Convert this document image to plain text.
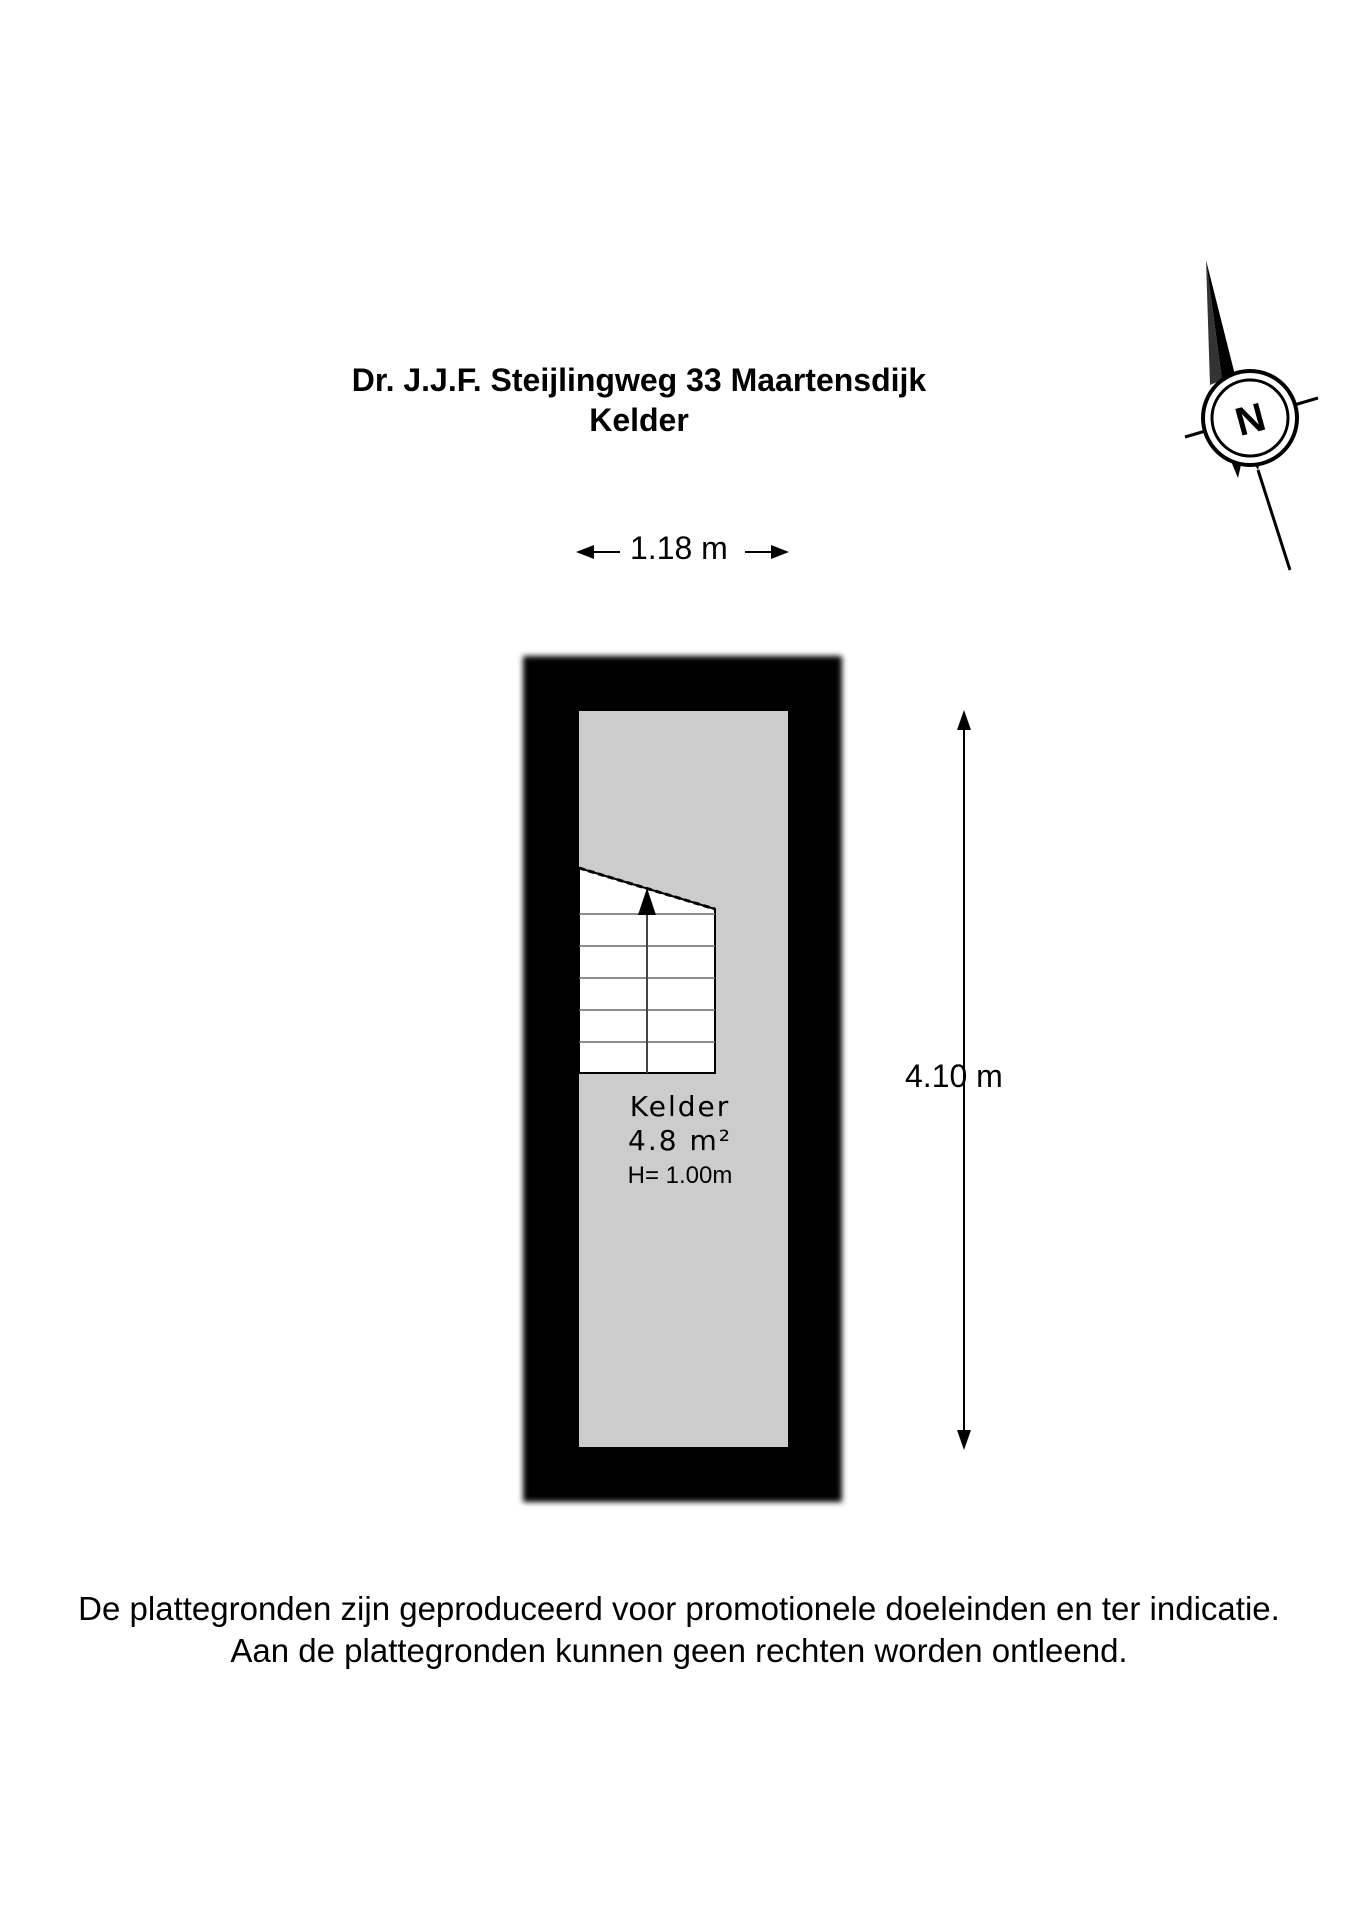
N
Dr. J.J.F. Steijlingweg 33 Maartensdijk
Kelder
1.18 m
4.10 m
Kelder
4.8 m²
H= 1.00m
De plattegronden zijn geproduceerd voor promotionele doeleinden en ter indicatie.
Aan de plattegronden kunnen geen rechten worden ontleend.
